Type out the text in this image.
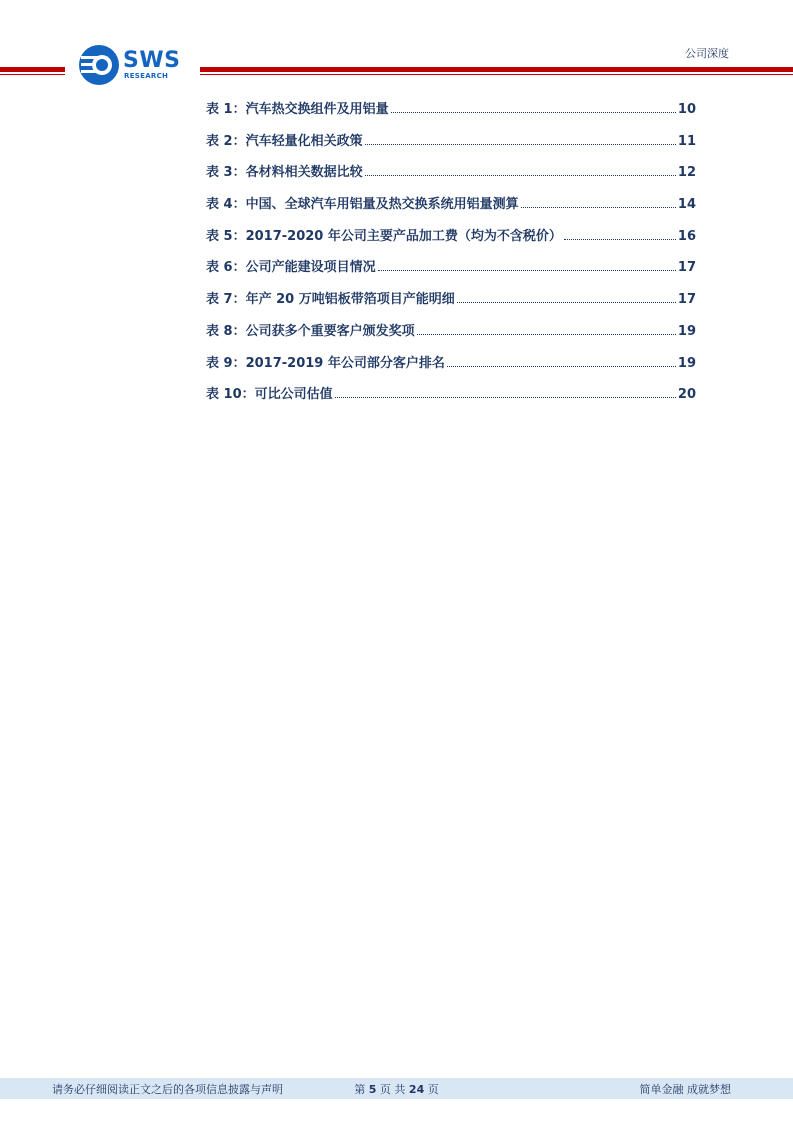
SWS
RESEARCH
公司深度
表 1：汽车热交换组件及用铝量	10
表 2：汽车轻量化相关政策	11
表 3：各材料相关数据比较	12
表 4：中国、全球汽车用铝量及热交换系统用铝量测算	14
表 5：2017-2020 年公司主要产品加工费（均为不含税价）	16
表 6：公司产能建设项目情况	17
表 7：年产 20 万吨铝板带箔项目产能明细	17
表 8：公司获多个重要客户颁发奖项	19
表 9：2017-2019 年公司部分客户排名	19
表 10：可比公司估值	20
请务必仔细阅读正文之后的各项信息披露与声明	第 5 页 共 24 页	简单金融 成就梦想
